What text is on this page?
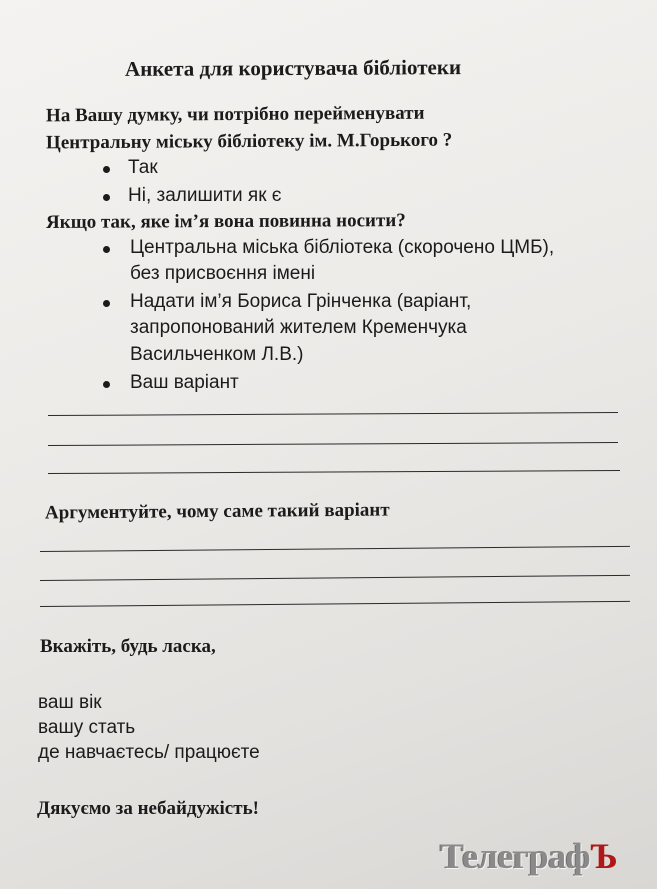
Анкета для користувача бібліотеки
На Вашу думку, чи потрібно перейменувати
Центральну міську бібліотеку ім. М.Горького ?
Так
Ні, залишити як є
Якщо так, яке ім’я вона повинна носити?
Центральна міська бібліотека (скорочено ЦМБ),
без присвоєння імені
Надати ім’я Бориса Грінченка (варіант,
запропонований жителем Кременчука
Васильченком Л.В.)
Ваш варіант
Аргументуйте, чому саме такий варіант
Вкажіть, будь ласка,
ваш вік
вашу стать
де навчаєтесь/ працюєте
Дякуємо за небайдужість!
ТелеграфЪ
